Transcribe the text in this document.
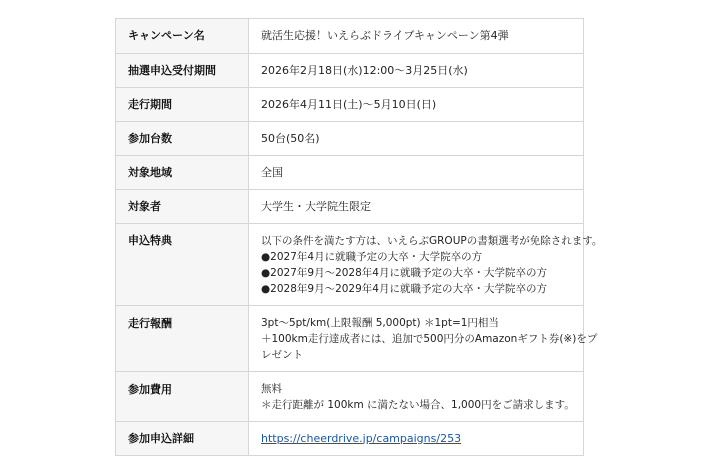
キャンペーン名	就活生応援！いえらぶドライブキャンペーン第4弾

抽選申込受付期間	2026年2月18日(水)12:00〜3月25日(水)

走行期間	2026年4月11日(土)〜5月10日(日)

参加台数	50台(50名)

対象地域	全国

対象者	大学生・大学院生限定

申込特典	以下の条件を満たす方は、いえらぶGROUPの書類選考が免除されます。
●2027年4月に就職予定の大卒・大学院卒の方
●2027年9月〜2028年4月に就職予定の大卒・大学院卒の方
●2028年9月〜2029年4月に就職予定の大卒・大学院卒の方

走行報酬	3pt〜5pt/km(上限報酬 5,000pt) ＊1pt=1円相当
＋100km走行達成者には、追加で500円分のAmazonギフト券(※)をプ
レゼント

参加費用	無料
＊走行距離が 100km に満たない場合、1,000円をご請求します。

参加申込詳細	https://cheerdrive.jp/campaigns/253
